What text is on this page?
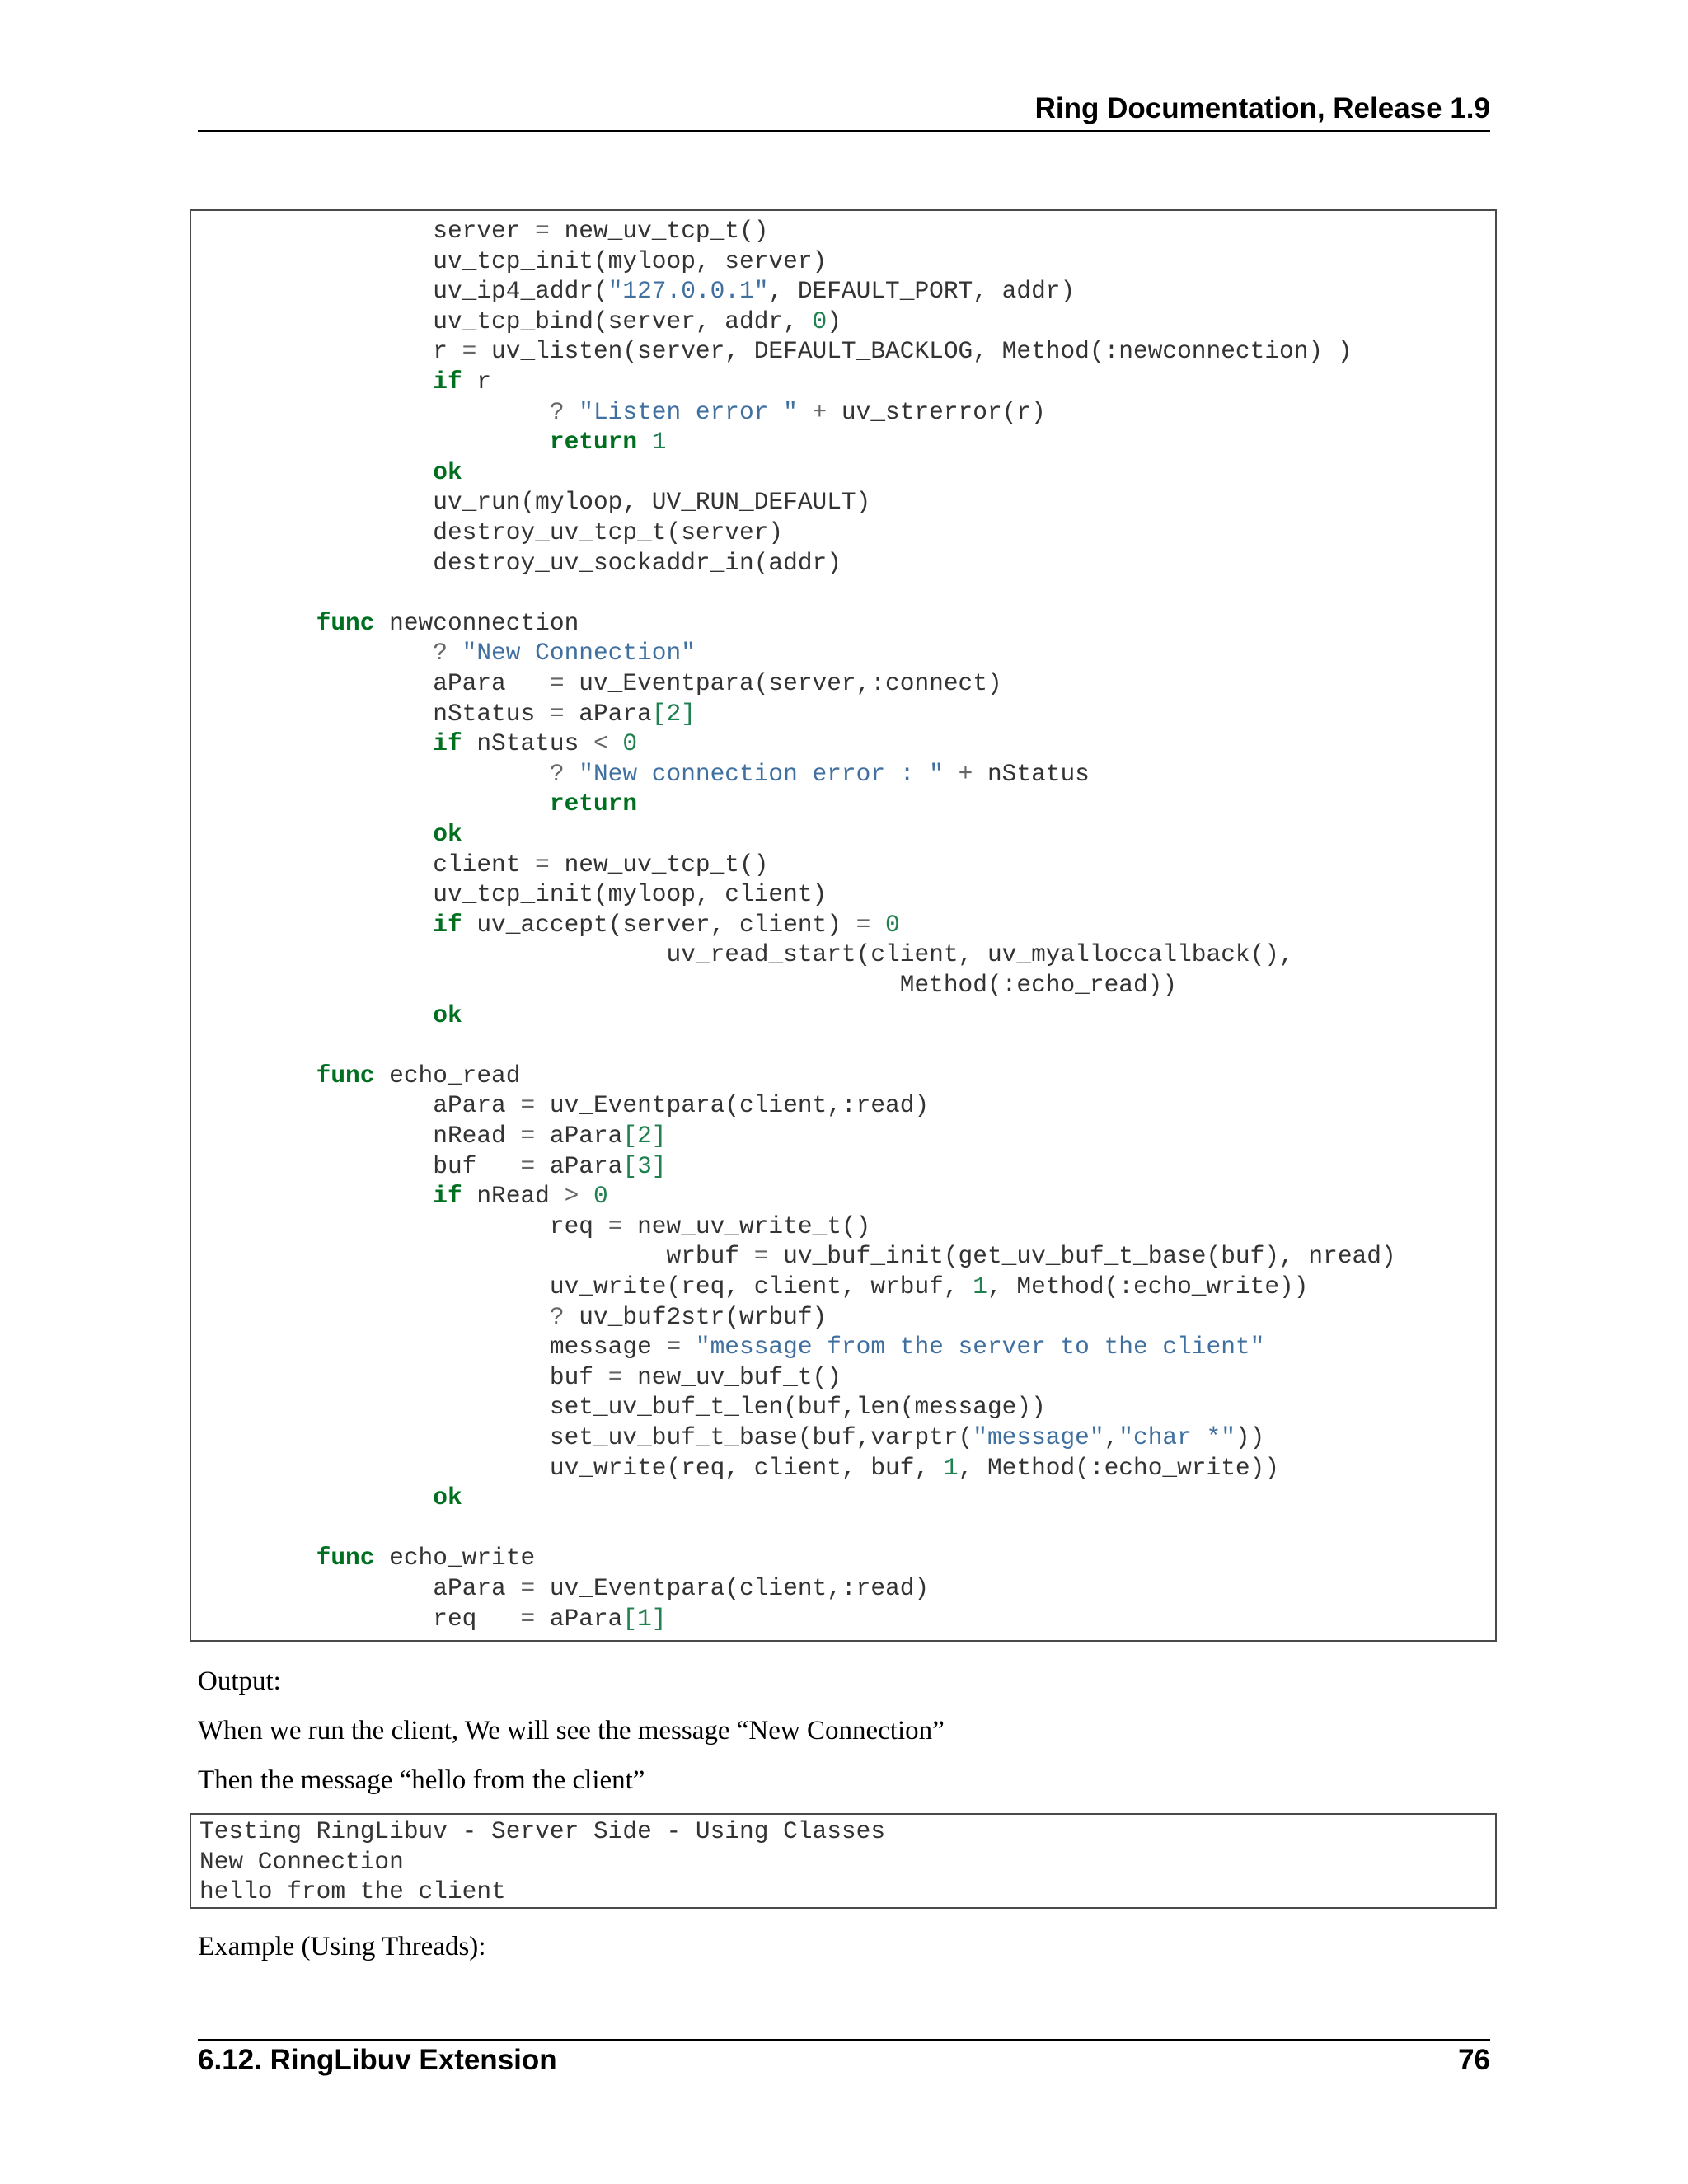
Ring Documentation, Release 1.9
server = new_uv_tcp_t()
uv_tcp_init(myloop, server)
uv_ip4_addr("127.0.0.1", DEFAULT_PORT, addr)
uv_tcp_bind(server, addr, 0)
r = uv_listen(server, DEFAULT_BACKLOG, Method(:newconnection) )
if r
? "Listen error " + uv_strerror(r)
return 1
ok
uv_run(myloop, UV_RUN_DEFAULT)
destroy_uv_tcp_t(server)
destroy_uv_sockaddr_in(addr)
func newconnection
? "New Connection"
aPara   = uv_Eventpara(server,:connect)
nStatus = aPara[2]
if nStatus < 0
? "New connection error : " + nStatus
return
ok
client = new_uv_tcp_t()
uv_tcp_init(myloop, client)
if uv_accept(server, client) = 0
uv_read_start(client, uv_myalloccallback(),
Method(:echo_read))
ok
func echo_read
aPara = uv_Eventpara(client,:read)
nRead = aPara[2]
buf   = aPara[3]
if nRead > 0
req = new_uv_write_t()
wrbuf = uv_buf_init(get_uv_buf_t_base(buf), nread)
uv_write(req, client, wrbuf, 1, Method(:echo_write))
? uv_buf2str(wrbuf)
message = "message from the server to the client"
buf = new_uv_buf_t()
set_uv_buf_t_len(buf,len(message))
set_uv_buf_t_base(buf,varptr("message","char *"))
uv_write(req, client, buf, 1, Method(:echo_write))
ok
func echo_write
aPara = uv_Eventpara(client,:read)
req   = aPara[1]
Output:
When we run the client, We will see the message “New Connection”
Then the message “hello from the client”
Testing RingLibuv - Server Side - Using Classes
New Connection
hello from the client
Example (Using Threads):
6.12. RingLibuv Extension	76
